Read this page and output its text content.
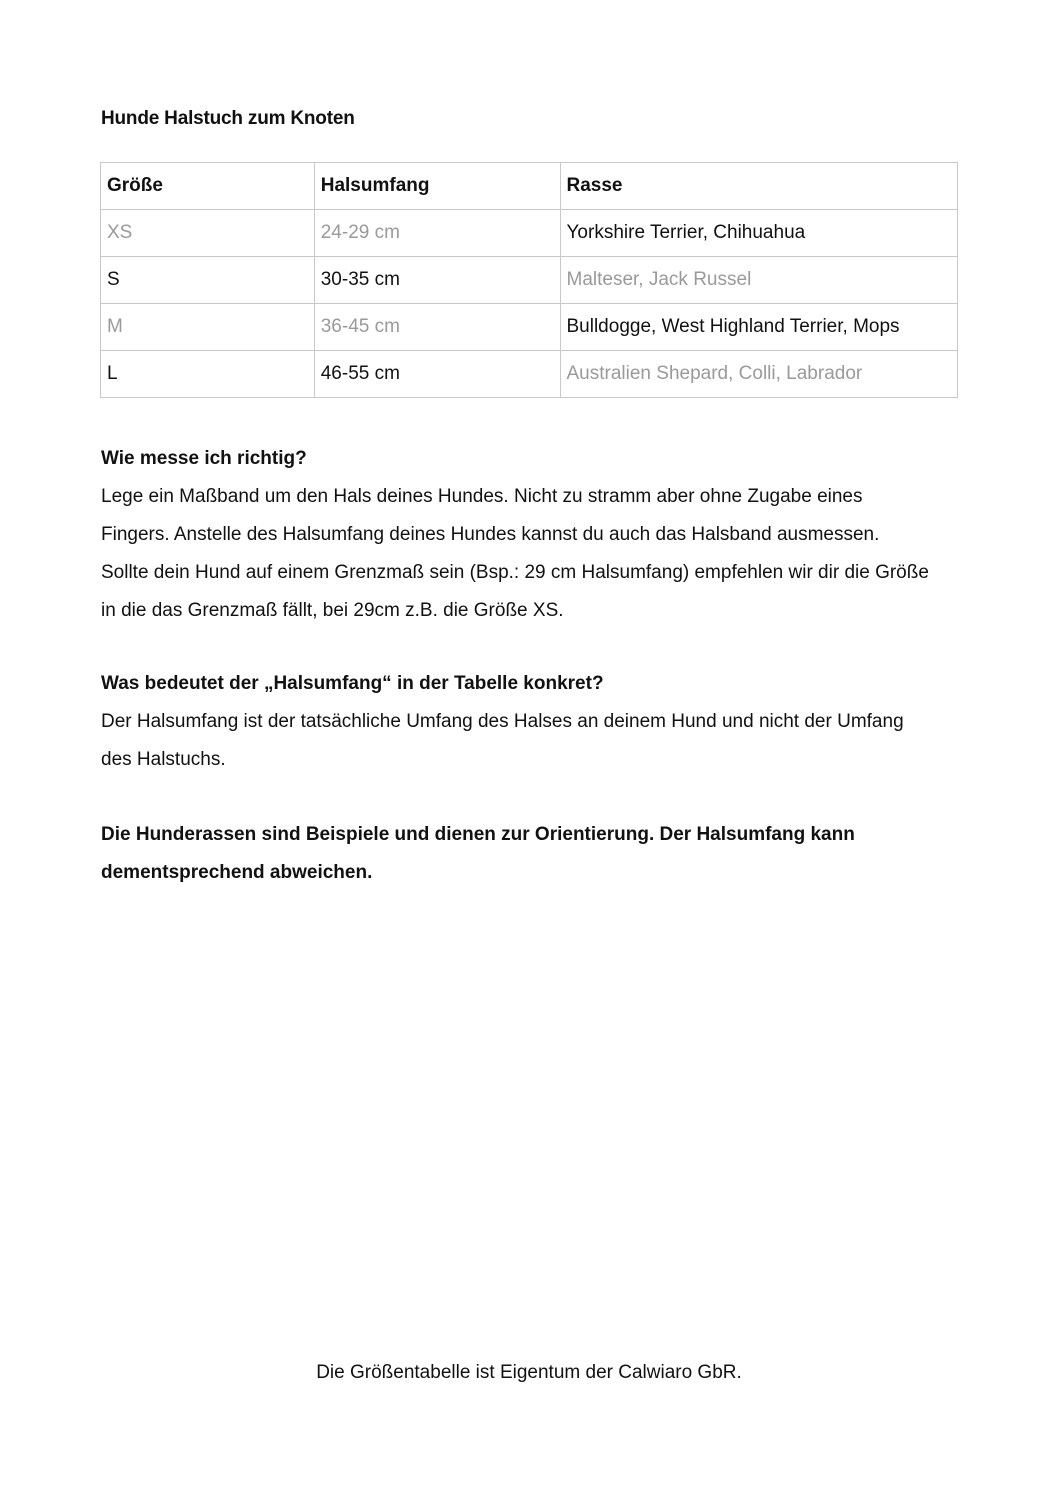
Hunde Halstuch zum Knoten
Größe	Halsumfang	Rasse
XS	24-29 cm	Yorkshire Terrier, Chihuahua
S	30-35 cm	Malteser, Jack Russel
M	36-45 cm	Bulldogge, West Highland Terrier, Mops
L	46-55 cm	Australien Shepard, Colli, Labrador
Wie messe ich richtig?

Lege ein Maßband um den Hals deines Hundes. Nicht zu stramm aber ohne Zugabe eines

Fingers. Anstelle des Halsumfang deines Hundes kannst du auch das Halsband ausmessen.

Sollte dein Hund auf einem Grenzmaß sein (Bsp.: 29 cm Halsumfang) empfehlen wir dir die Größe

in die das Grenzmaß fällt, bei 29cm z.B. die Größe XS.

Was bedeutet der „Halsumfang“ in der Tabelle konkret?

Der Halsumfang ist der tatsächliche Umfang des Halses an deinem Hund und nicht der Umfang

des Halstuchs.

Die Hunderassen sind Beispiele und dienen zur Orientierung. Der Halsumfang kann

dementsprechend abweichen.

Die Größentabelle ist Eigentum der Calwiaro GbR.
